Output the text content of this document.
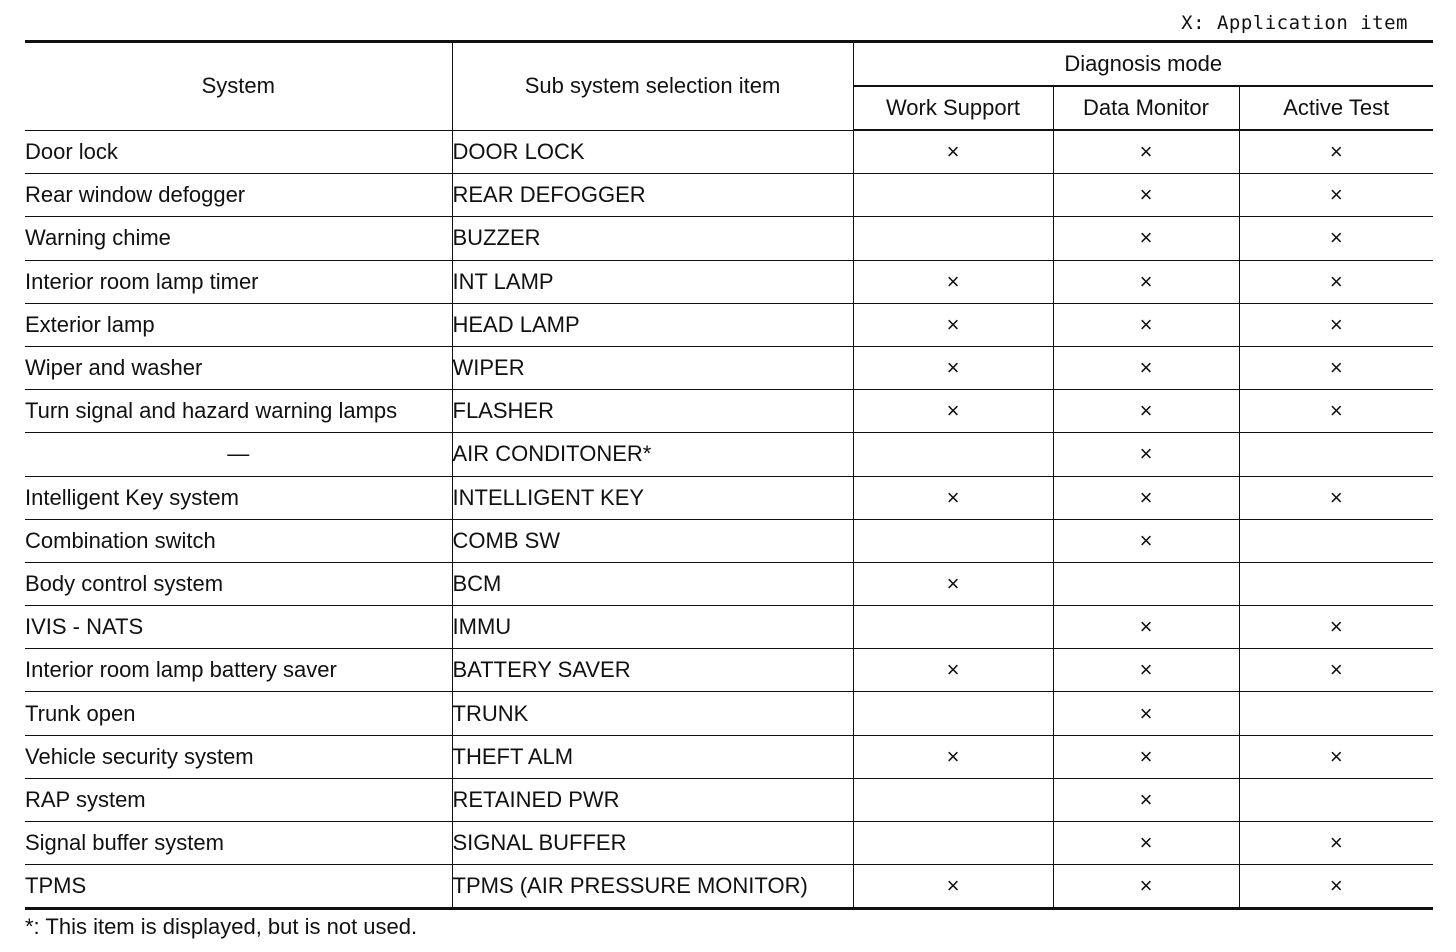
X: Application item
System	Sub system selection item	Diagnosis mode		
		Work Support	Data Monitor	Active Test
Door lock	DOOR LOCK	×	×	×
Rear window defogger	REAR DEFOGGER		×	×
Warning chime	BUZZER		×	×
Interior room lamp timer	INT LAMP	×	×	×
Exterior lamp	HEAD LAMP	×	×	×
Wiper and washer	WIPER	×	×	×
Turn signal and hazard warning lamps	FLASHER	×	×	×
—	AIR CONDITONER*		×	
Intelligent Key system	INTELLIGENT KEY	×	×	×
Combination switch	COMB SW		×	
Body control system	BCM	×		
IVIS - NATS	IMMU		×	×
Interior room lamp battery saver	BATTERY SAVER	×	×	×
Trunk open	TRUNK		×	
Vehicle security system	THEFT ALM	×	×	×
RAP system	RETAINED PWR		×	
Signal buffer system	SIGNAL BUFFER		×	×
TPMS	TPMS (AIR PRESSURE MONITOR)	×	×	×
*: This item is displayed, but is not used.
